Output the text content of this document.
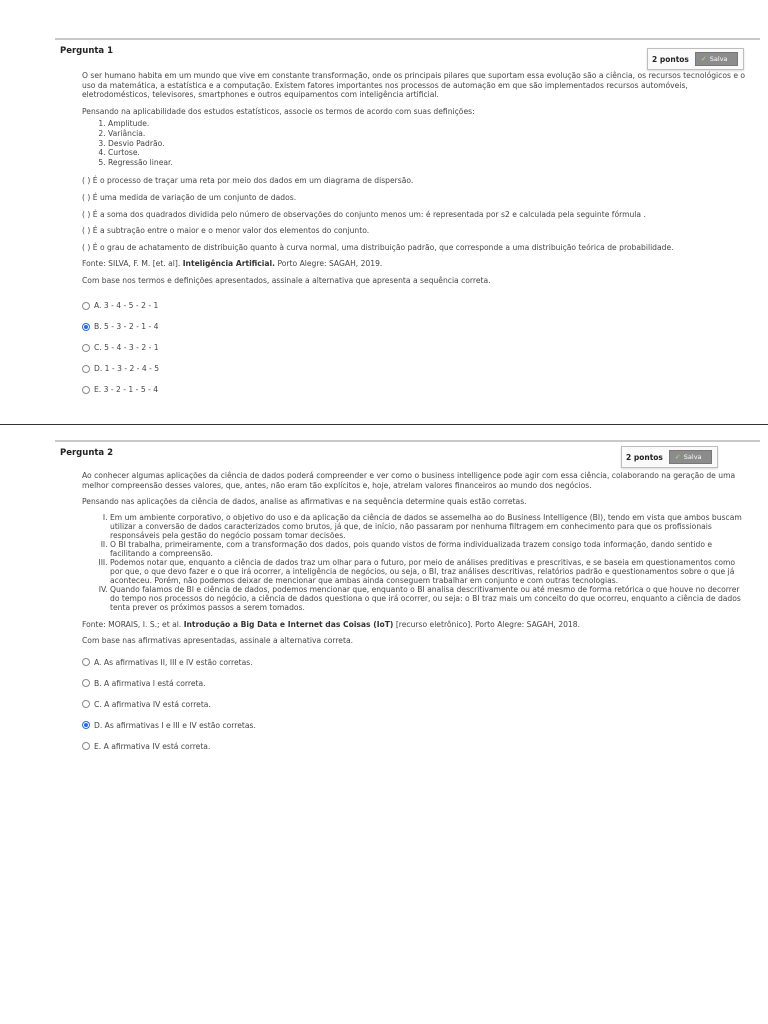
Pergunta 1
2 pontos ✓ Salva

O ser humano habita em um mundo que vive em constante transformação, onde os principais pilares que suportam essa evolução são a ciência, os recursos tecnológicos e o uso da matemática, a estatística e a computação. Existem fatores importantes nos processos de automação em que são implementados recursos automóveis, eletrodomésticos, televisores, smartphones e outros equipamentos com inteligência artificial.

Pensando na aplicabilidade dos estudos estatísticos, associe os termos de acordo com suas definições:

1. Amplitude.
2. Variância.
3. Desvio Padrão.
4. Curtose.
5. Regressão linear.

( ) É o processo de traçar uma reta por meio dos dados em um diagrama de dispersão.

( ) É uma medida de variação de um conjunto de dados.

( ) É a soma dos quadrados dividida pelo número de observações do conjunto menos um: é representada por s2 e calculada pela seguinte fórmula .

( ) É a subtração entre o maior e o menor valor dos elementos do conjunto.

( ) É o grau de achatamento de distribuição quanto à curva normal, uma distribuição padrão, que corresponde a uma distribuição teórica de probabilidade.

Fonte: SILVA, F. M. [et. al]. Inteligência Artificial. Porto Alegre: SAGAH, 2019.

Com base nos termos e definições apresentados, assinale a alternativa que apresenta a sequência correta.

A. 3 - 4 - 5 - 2 - 1
B. 5 - 3 - 2 - 1 - 4
C. 5 - 4 - 3 - 2 - 1
D. 1 - 3 - 2 - 4 - 5
E. 3 - 2 - 1 - 5 - 4
Pergunta 2	2 pontos ✓ Salva

Ao conhecer algumas aplicações da ciência de dados poderá compreender e ver como o business intelligence pode agir com essa ciência, colaborando na geração de uma melhor compreensão desses valores, que, antes, não eram tão explícitos e, hoje, atrelam valores financeiros ao mundo dos negócios.

Pensando nas aplicações da ciência de dados, analise as afirmativas e na sequência determine quais estão corretas.

I. Em um ambiente corporativo, o objetivo do uso e da aplicação da ciência de dados se assemelha ao do Business Intelligence (BI), tendo em vista que ambos buscam utilizar a conversão de dados caracterizados como brutos, já que, de início, não passaram por nenhuma filtragem em conhecimento para que os profissionais responsáveis pela gestão do negócio possam tomar decisões.
II. O BI trabalha, primeiramente, com a transformação dos dados, pois quando vistos de forma individualizada trazem consigo toda informação, dando sentido e facilitando a compreensão.
III. Podemos notar que, enquanto a ciência de dados traz um olhar para o futuro, por meio de análises preditivas e prescritivas, e se baseia em questionamentos como por que, o que devo fazer e o que irá ocorrer, a inteligência de negócios, ou seja, o BI, traz análises descritivas, relatórios padrão e questionamentos sobre o que já aconteceu. Porém, não podemos deixar de mencionar que ambas ainda conseguem trabalhar em conjunto e com outras tecnologias.
IV. Quando falamos de BI e ciência de dados, podemos mencionar que, enquanto o BI analisa descritivamente ou até mesmo de forma retórica o que houve no decorrer do tempo nos processos do negócio, a ciência de dados questiona o que irá ocorrer, ou seja: o BI traz mais um conceito do que ocorreu, enquanto a ciência de dados tenta prever os próximos passos a serem tomados.

Fonte: MORAIS, I. S.; et al. Introdução a Big Data e Internet das Coisas (IoT) [recurso eletrônico]. Porto Alegre: SAGAH, 2018.

Com base nas afirmativas apresentadas, assinale a alternativa correta.

A. As afirmativas II, III e IV estão corretas.
B. A afirmativa I está correta.
C. A afirmativa IV está correta.
D. As afirmativas I e III e IV estão corretas.
E. A afirmativa IV está correta.
